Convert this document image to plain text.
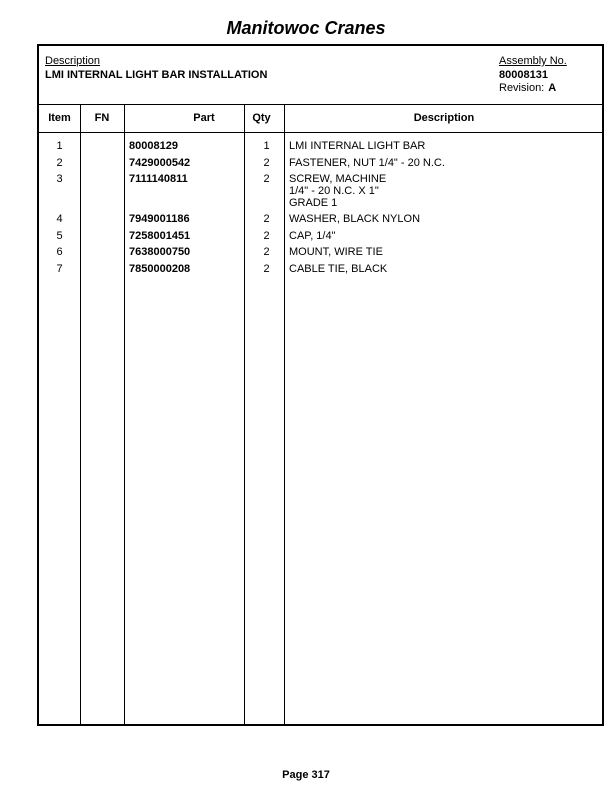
Manitowoc Cranes
Description
LMI INTERNAL LIGHT BAR INSTALLATION
Assembly No.
80008131
Revision: A
Item	FN	Part	Qty	Description
1	80008129	1	LMI INTERNAL LIGHT BAR
2	7429000542	2	FASTENER, NUT 1/4" - 20 N.C.
3	7111140811	2	SCREW, MACHINE
1/4" - 20 N.C. X 1"
GRADE 1
4	7949001186	2	WASHER, BLACK NYLON
5	7258001451	2	CAP, 1/4"
6	7638000750	2	MOUNT, WIRE TIE
7	7850000208	2	CABLE TIE, BLACK
Page 317
